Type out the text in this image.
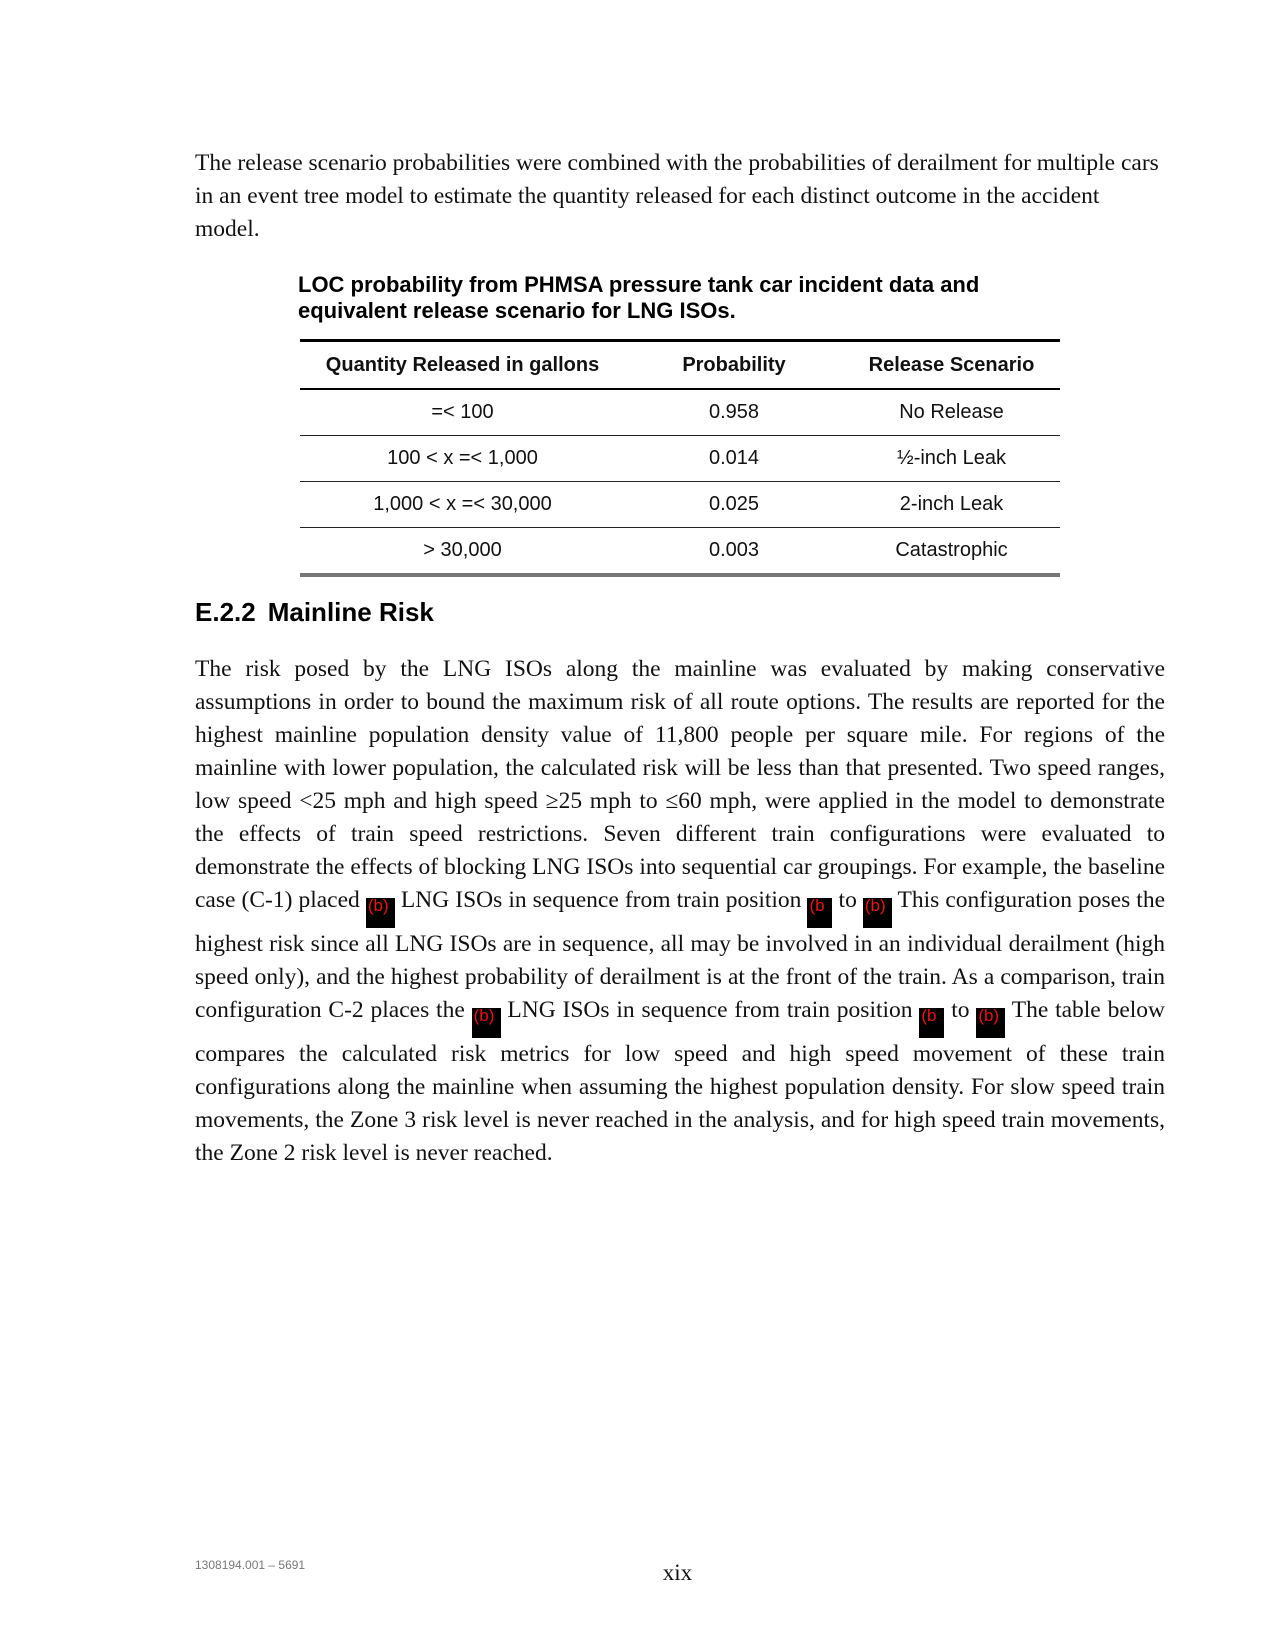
The release scenario probabilities were combined with the probabilities of derailment for multiple cars in an event tree model to estimate the quantity released for each distinct outcome in the accident model.

LOC probability from PHMSA pressure tank car incident data and equivalent release scenario for LNG ISOs.
Quantity Released in gallons	Probability	Release Scenario
=< 100	0.958	No Release
100 < x =< 1,000	0.014	½-inch Leak
1,000 < x =< 30,000	0.025	2-inch Leak
> 30,000	0.003	Catastrophic
E.2.2 Mainline Risk

The risk posed by the LNG ISOs along the mainline was evaluated by making conservative assumptions in order to bound the maximum risk of all route options. The results are reported for the highest mainline population density value of 11,800 people per square mile. For regions of the mainline with lower population, the calculated risk will be less than that presented. Two speed ranges, low speed <25 mph and high speed ≥25 mph to ≤60 mph, were applied in the model to demonstrate the effects of train speed restrictions. Seven different train configurations were evaluated to demonstrate the effects of blocking LNG ISOs into sequential car groupings. For example, the baseline case (C-1) placed (b) LNG ISOs in sequence from train position (b to (b) This configuration poses the highest risk since all LNG ISOs are in sequence, all may be involved in an individual derailment (high speed only), and the highest probability of derailment is at the front of the train. As a comparison, train configuration C-2 places the (b) LNG ISOs in sequence from train position (b to (b) The table below compares the calculated risk metrics for low speed and high speed movement of these train configurations along the mainline when assuming the highest population density. For slow speed train movements, the Zone 3 risk level is never reached in the analysis, and for high speed train movements, the Zone 2 risk level is never reached.

1308194.001 – 5691	xix
